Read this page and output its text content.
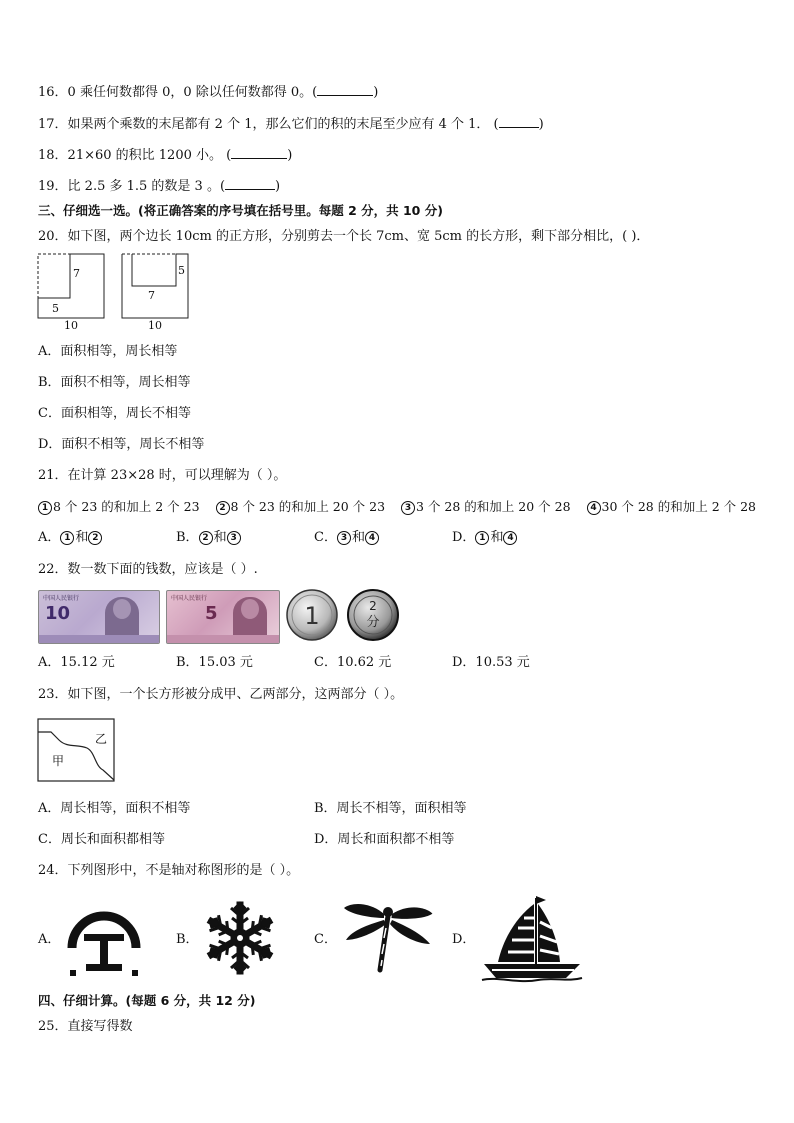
16．0 乘任何数都得 0，0 除以任何数都得 0。(	)
17．如果两个乘数的末尾都有 2 个 1，那么它们的积的末尾至少应有 4 个 1． (	)
18．21×60 的积比 1200 小。 (	)
19．比 2.5 多 1.5 的数是 3 。(	)
三、仔细选一选。(将正确答案的序号填在括号里。每题 2 分，共 10 分)
20．如下图，两个边长 10cm 的正方形，分别剪去一个长 7cm、宽 5cm 的长方形，剩下部分相比，( )．
7
5
10
5
7
10
A．面积相等，周长相等
B．面积不相等，周长相等
C．面积相等，周长不相等
D．面积不相等，周长不相等
21．在计算 23×28 时，可以理解为（ ）。
1 8 个 23 的和加上 2 个 23 2 8 个 23 的和加上 20 个 23 3 3 个 28 的和加上 20 个 28 4 30 个 28 的和加上 2 个 28
A． 1 和 2	B． 2 和 3	C． 3 和 4	D． 1 和 4
22．数一数下面的钱数，应该是（ ）.
中国人民银行
10
中国人民银行
5	1	2
分
A．15.12 元	B．15.03 元	C．10.62 元	D．10.53 元
23．如下图，一个长方形被分成甲、乙两部分，这两部分（ ）。
甲
乙
A．周长相等，面积不相等	B．周长不相等，面积相等
C．周长和面积都相等	D．周长和面积都不相等
24．下列图形中，不是轴对称图形的是（ ）。
A．	B．	C．	D．
四、仔细计算。(每题 6 分，共 12 分)
25．直接写得数
